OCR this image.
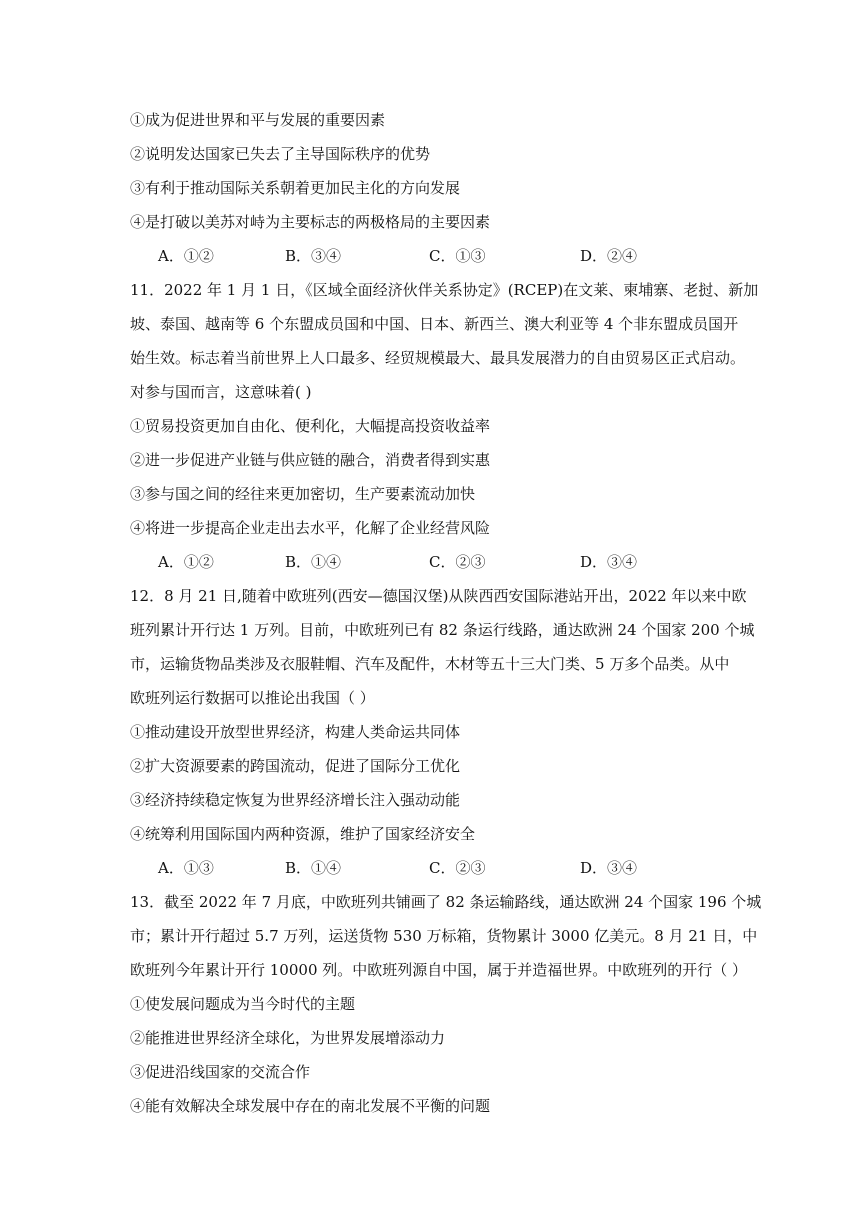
①成为促进世界和平与发展的重要因素
②说明发达国家已失去了主导国际秩序的优势
③有利于推动国际关系朝着更加民主化的方向发展
④是打破以美苏对峙为主要标志的两极格局的主要因素
A．①②	B．③④	C．①③	D．②④
11．2022 年 1 月 1 日，《区域全面经济伙伴关系协定》(RCEP)在文莱、柬埔寨、老挝、新加
坡、泰国、越南等 6 个东盟成员国和中国、日本、新西兰、澳大利亚等 4 个非东盟成员国开
始生效。标志着当前世界上人口最多、经贸规模最大、最具发展潜力的自由贸易区正式启动。
对参与国而言，这意味着( )
①贸易投资更加自由化、便利化，大幅提高投资收益率
②进一步促进产业链与供应链的融合，消费者得到实惠
③参与国之间的经往来更加密切，生产要素流动加快
④将进一步提高企业走出去水平，化解了企业经营风险
A．①②	B．①④	C．②③	D．③④
12．8 月 21 日,随着中欧班列(西安—德国汉堡)从陕西西安国际港站开出，2022 年以来中欧
班列累计开行达 1 万列。目前，中欧班列已有 82 条运行线路，通达欧洲 24 个国家 200 个城
市，运输货物品类涉及衣服鞋帽、汽车及配件，木材等五十三大门类、5 万多个品类。从中
欧班列运行数据可以推论出我国（ ）
①推动建设开放型世界经济，构建人类命运共同体
②扩大资源要素的跨国流动，促进了国际分工优化
③经济持续稳定恢复为世界经济增长注入强动动能
④统筹利用国际国内两种资源，维护了国家经济安全
A．①③	B．①④	C．②③	D．③④
13．截至 2022 年 7 月底，中欧班列共铺画了 82 条运输路线，通达欧洲 24 个国家 196 个城
市；累计开行超过 5.7 万列，运送货物 530 万标箱，货物累计 3000 亿美元。8 月 21 日，中
欧班列今年累计开行 10000 列。中欧班列源自中国，属于并造福世界。中欧班列的开行（ ）
①使发展问题成为当今时代的主题
②能推进世界经济全球化，为世界发展增添动力
③促进沿线国家的交流合作
④能有效解决全球发展中存在的南北发展不平衡的问题
